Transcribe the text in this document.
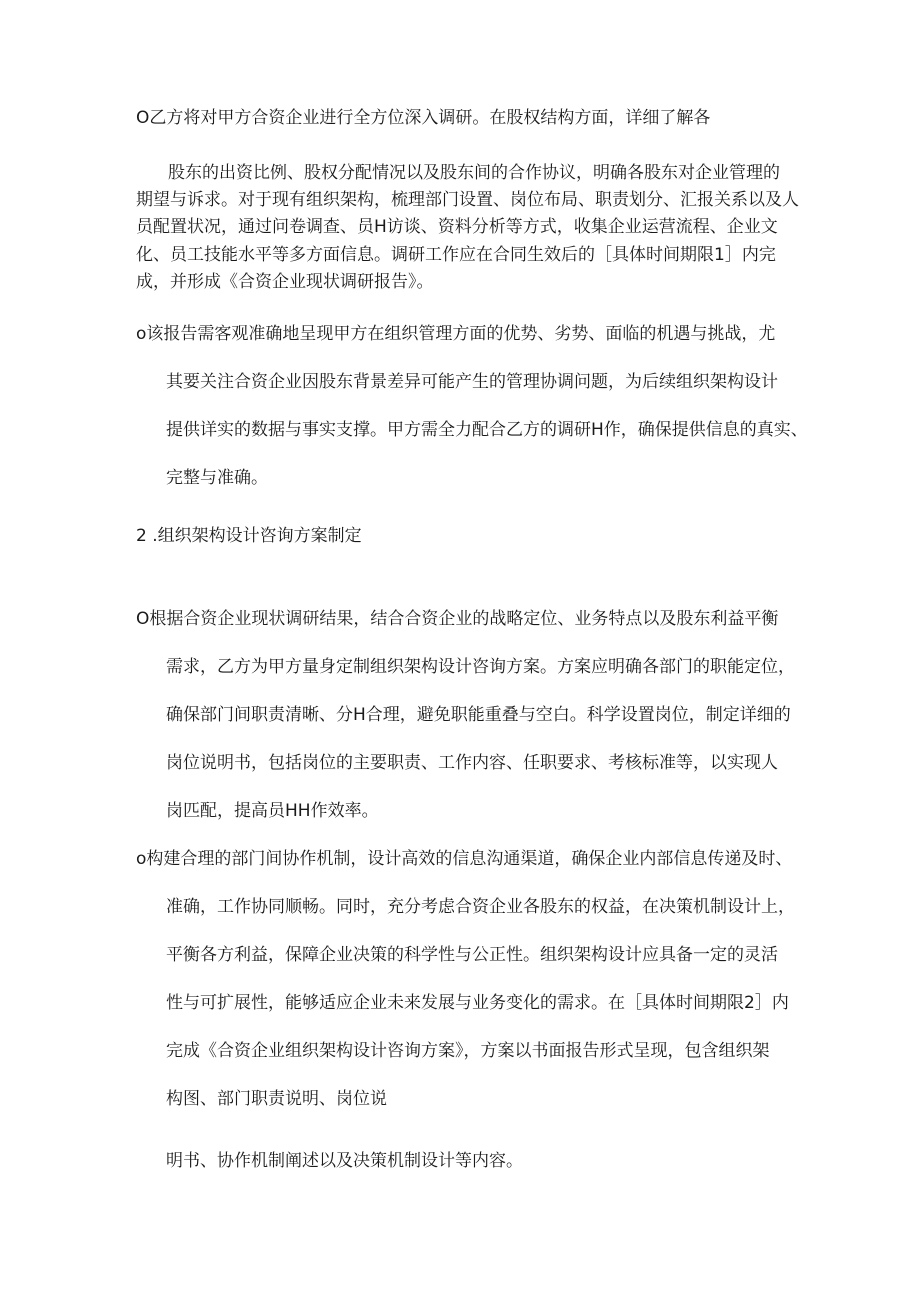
O乙方将对甲方合资企业进行全方位深入调研。在股权结构方面，详细了解各

股东的出资比例、股权分配情况以及股东间的合作协议，明确各股东对企业管理的

期望与诉求。对于现有组织架构，梳理部门设置、岗位布局、职责划分、汇报关系以及人

员配置状况，通过问卷调查、员H访谈、资料分析等方式，收集企业运营流程、企业文

化、员工技能水平等多方面信息。调研工作应在合同生效后的［具体时间期限1］内完

成，并形成《合资企业现状调研报告》。

o该报告需客观准确地呈现甲方在组织管理方面的优势、劣势、面临的机遇与挑战，尤

其要关注合资企业因股东背景差异可能产生的管理协调问题，为后续组织架构设计

提供详实的数据与事实支撑。甲方需全力配合乙方的调研H作，确保提供信息的真实、

完整与准确。

2 .组织架构设计咨询方案制定

O根据合资企业现状调研结果，结合合资企业的战略定位、业务特点以及股东利益平衡

需求，乙方为甲方量身定制组织架构设计咨询方案。方案应明确各部门的职能定位，

确保部门间职责清晰、分H合理，避免职能重叠与空白。科学设置岗位，制定详细的

岗位说明书，包括岗位的主要职责、工作内容、任职要求、考核标准等，以实现人

岗匹配，提高员HH作效率。

o构建合理的部门间协作机制，设计高效的信息沟通渠道，确保企业内部信息传递及时、

准确，工作协同顺畅。同时，充分考虑合资企业各股东的权益，在决策机制设计上，

平衡各方利益，保障企业决策的科学性与公正性。组织架构设计应具备一定的灵活

性与可扩展性，能够适应企业未来发展与业务变化的需求。在［具体时间期限2］内

完成《合资企业组织架构设计咨询方案》，方案以书面报告形式呈现，包含组织架

构图、部门职责说明、岗位说

明书、协作机制阐述以及决策机制设计等内容。
